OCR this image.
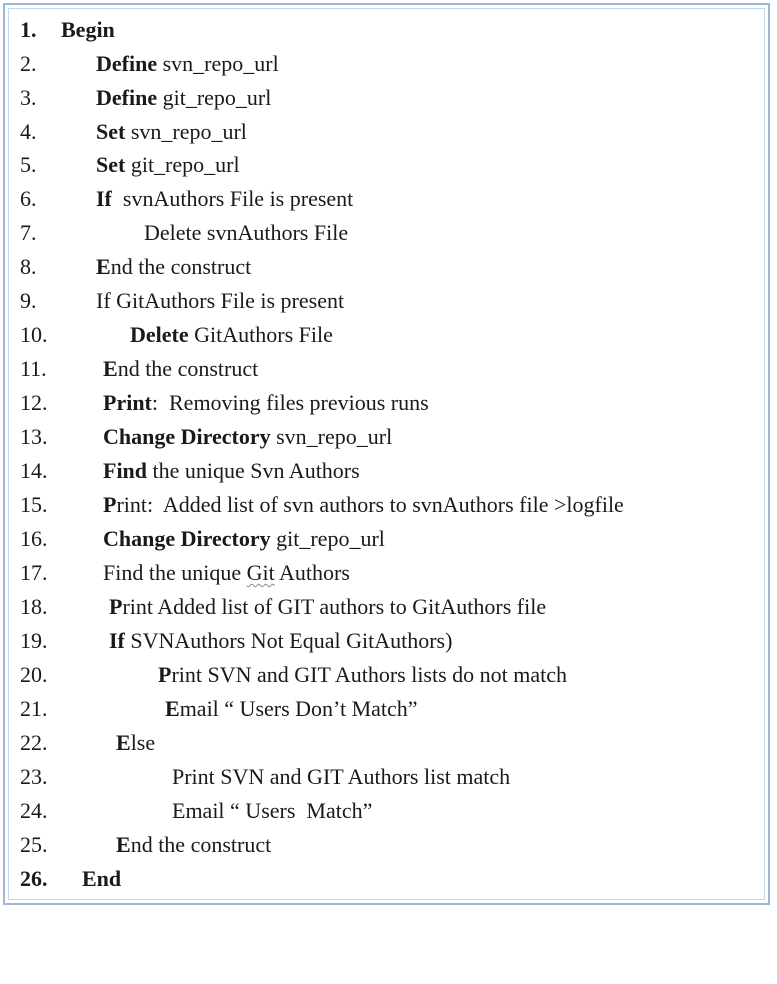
1.

Begin

2.

	Define svn_repo_url

3.

	Define git_repo_url

4.

	Set svn_repo_url

5.

	Set git_repo_url

6.

	If  svnAuthors File is present

7.

	Delete svnAuthors File

8.

	End the construct

9.

	If GitAuthors File is present

10.

	Delete GitAuthors File

11.

	End the construct

12.

	Print:  Removing files previous runs

13.

	Change Directory svn_repo_url

14.

	Find the unique Svn Authors

15.

	Print:  Added list of svn authors to svnAuthors file >logfile

16.

	Change Directory git_repo_url

17.

	Find the unique Git Authors

18.

	Print Added list of GIT authors to GitAuthors file

19.

	If SVNAuthors Not Equal GitAuthors)

20.

	Print SVN and GIT Authors lists do not match

21.

	Email “ Users Don’t Match”

22.

	Else

23.

	Print SVN and GIT Authors list match

24.

	Email “ Users  Match”

25.

	End the construct

26.

End
